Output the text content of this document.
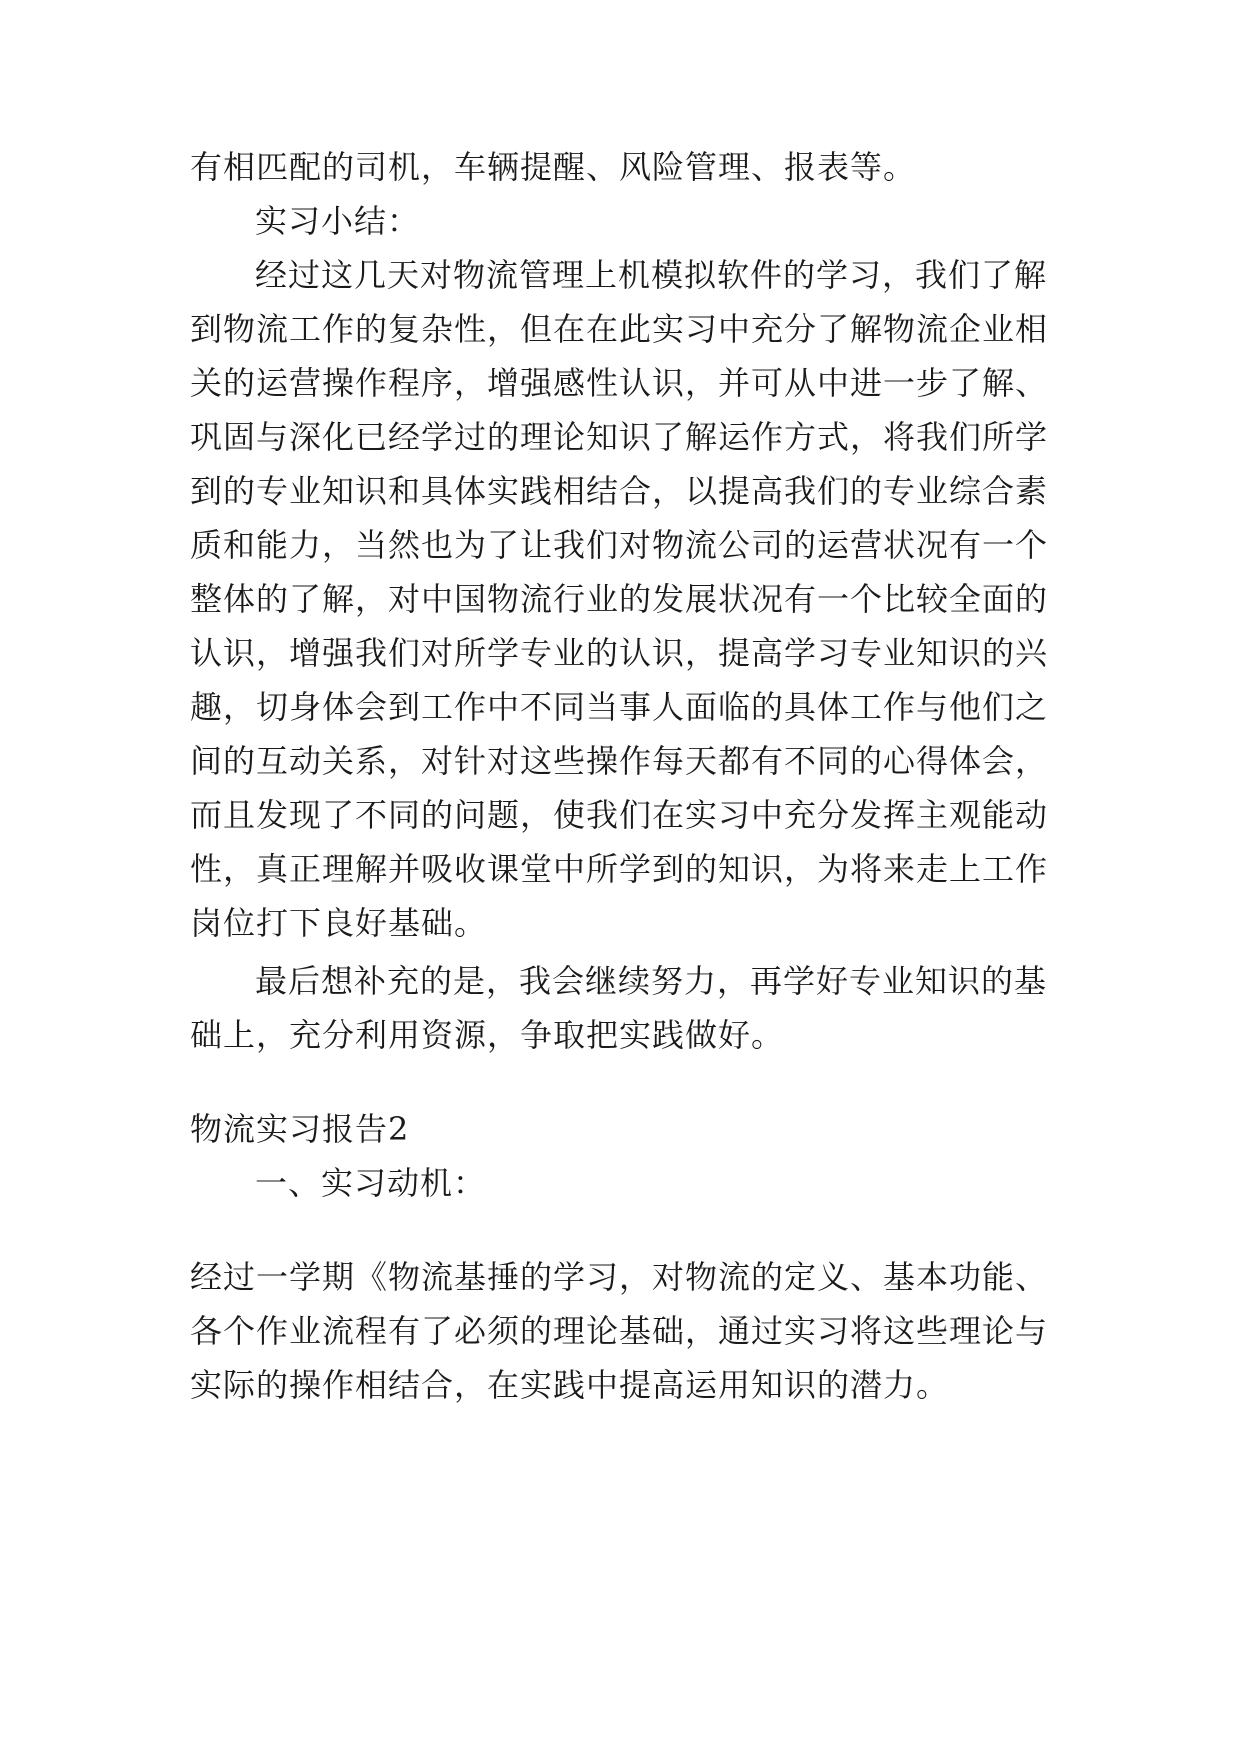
有相匹配的司机，车辆提醒、风险管理、报表等。
实习小结：
经过这几天对物流管理上机模拟软件的学习，我们了解
到物流工作的复杂性，但在在此实习中充分了解物流企业相
关的运营操作程序，增强感性认识，并可从中进一步了解、
巩固与深化已经学过的理论知识了解运作方式，将我们所学
到的专业知识和具体实践相结合，以提高我们的专业综合素
质和能力，当然也为了让我们对物流公司的运营状况有一个
整体的了解，对中国物流行业的发展状况有一个比较全面的
认识，增强我们对所学专业的认识，提高学习专业知识的兴
趣，切身体会到工作中不同当事人面临的具体工作与他们之
间的互动关系，对针对这些操作每天都有不同的心得体会，
而且发现了不同的问题，使我们在实习中充分发挥主观能动
性，真正理解并吸收课堂中所学到的知识，为将来走上工作
岗位打下良好基础。
最后想补充的是，我会继续努力，再学好专业知识的基
础上，充分利用资源，争取把实践做好。
物流实习报告2
一、实习动机：
经过一学期《物流基捶的学习，对物流的定义、基本功能、
各个作业流程有了必须的理论基础，通过实习将这些理论与
实际的操作相结合，在实践中提高运用知识的潜力。
